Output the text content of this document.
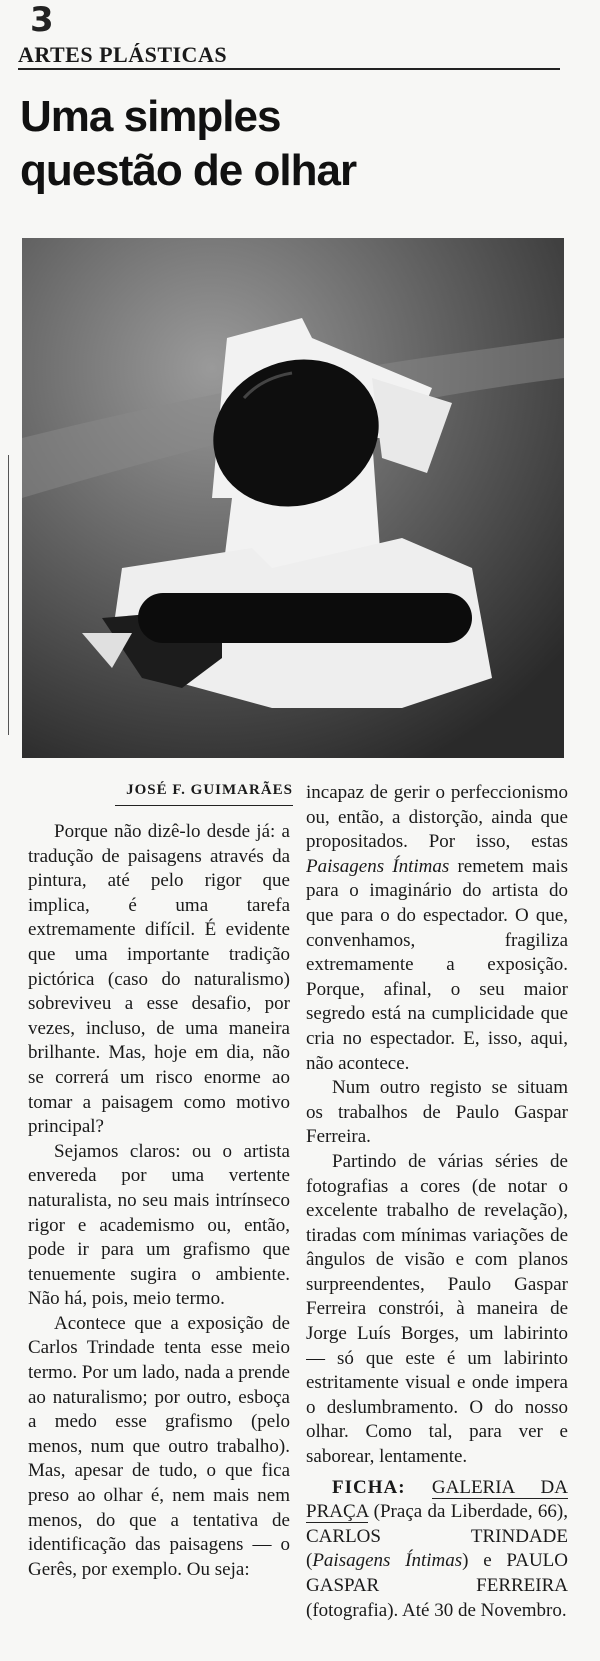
3
ARTES PLÁSTICAS
Uma simples
questão de olhar
JOSÉ F. GUIMARÃES

Porque não dizê-lo desde já: a tradução de paisagens através da pintura, até pelo rigor que implica, é uma tarefa extremamente difícil. É evidente que uma importante tradição pictórica (caso do naturalismo) sobreviveu a esse desafio, por vezes, incluso, de uma maneira brilhante. Mas, hoje em dia, não se correrá um risco enorme ao tomar a paisagem como motivo principal?

Sejamos claros: ou o artista envereda por uma vertente naturalista, no seu mais intrínseco rigor e academismo ou, então, pode ir para um grafismo que tenuemente sugira o ambiente. Não há, pois, meio termo.

Acontece que a exposição de Carlos Trindade tenta esse meio termo. Por um lado, nada a prende ao naturalismo; por outro, esboça a medo esse grafismo (pelo menos, num que outro trabalho). Mas, apesar de tudo, o que fica preso ao olhar é, nem mais nem menos, do que a tentativa de identificação das paisagens — o Gerês, por exemplo. Ou seja:

incapaz de gerir o perfeccionismo ou, então, a distorção, ainda que propositados. Por isso, estas Paisagens Íntimas remetem mais para o imaginário do artista do que para o do espectador. O que, convenhamos, fragiliza extremamente a exposição. Porque, afinal, o seu maior segredo está na cumplicidade que cria no espectador. E, isso, aqui, não acontece.

Num outro registo se situam os trabalhos de Paulo Gaspar Ferreira.

Partindo de várias séries de fotografias a cores (de notar o excelente trabalho de revelação), tiradas com mínimas variações de ângulos de visão e com planos surpreendentes, Paulo Gaspar Ferreira constrói, à maneira de Jorge Luís Borges, um labirinto — só que este é um labirinto estritamente visual e onde impera o deslumbramento. O do nosso olhar. Como tal, para ver e saborear, lentamente.

FICHA: GALERIA DA PRAÇA (Praça da Liberdade, 66), CARLOS TRINDADE (Paisagens Íntimas) e PAULO GASPAR FERREIRA (fotografia). Até 30 de Novembro.
